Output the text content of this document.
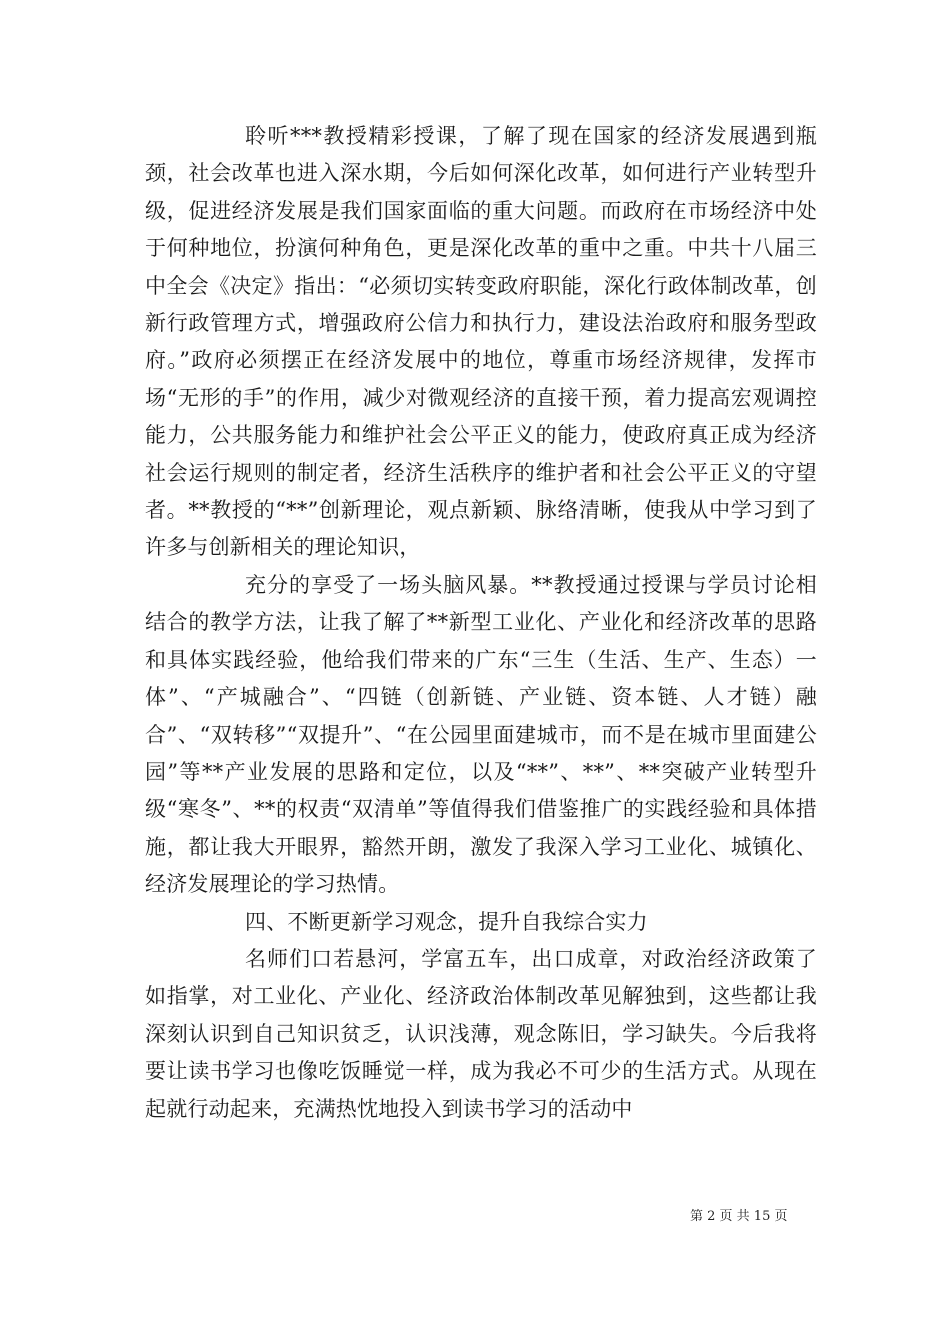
聆听***教授精彩授课，了解了现在国家的经济发展遇到瓶颈，社会改革也进入深水期，今后如何深化改革，如何进行产业转型升级，促进经济发展是我们国家面临的重大问题。而政府在市场经济中处于何种地位，扮演何种角色，更是深化改革的重中之重。中共十八届三中全会《决定》指出：“必须切实转变政府职能，深化行政体制改革，创新行政管理方式，增强政府公信力和执行力，建设法治政府和服务型政府。”政府必须摆正在经济发展中的地位，尊重市场经济规律，发挥市场“无形的手”的作用，减少对微观经济的直接干预，着力提高宏观调控能力，公共服务能力和维护社会公平正义的能力，使政府真正成为经济社会运行规则的制定者，经济生活秩序的维护者和社会公平正义的守望者。**教授的“**”创新理论，观点新颖、脉络清晰，使我从中学习到了许多与创新相关的理论知识，

充分的享受了一场头脑风暴。**教授通过授课与学员讨论相结合的教学方法，让我了解了**新型工业化、产业化和经济改革的思路和具体实践经验，他给我们带来的广东“三生（生活、生产、生态）一体”、“产城融合”、“四链（创新链、产业链、资本链、人才链）融合”、“双转移”“双提升”、“在公园里面建城市，而不是在城市里面建公园”等**产业发展的思路和定位，以及“**”、**”、**突破产业转型升级“寒冬”、**的权责“双清单”等值得我们借鉴推广的实践经验和具体措施，都让我大开眼界，豁然开朗，激发了我深入学习工业化、城镇化、经济发展理论的学习热情。

四、不断更新学习观念，提升自我综合实力

名师们口若悬河，学富五车，出口成章，对政治经济政策了如指掌，对工业化、产业化、经济政治体制改革见解独到，这些都让我深刻认识到自己知识贫乏，认识浅薄，观念陈旧，学习缺失。今后我将要让读书学习也像吃饭睡觉一样，成为我必不可少的生活方式。从现在起就行动起来，充满热忱地投入到读书学习的活动中

第 2 页 共 15 页
